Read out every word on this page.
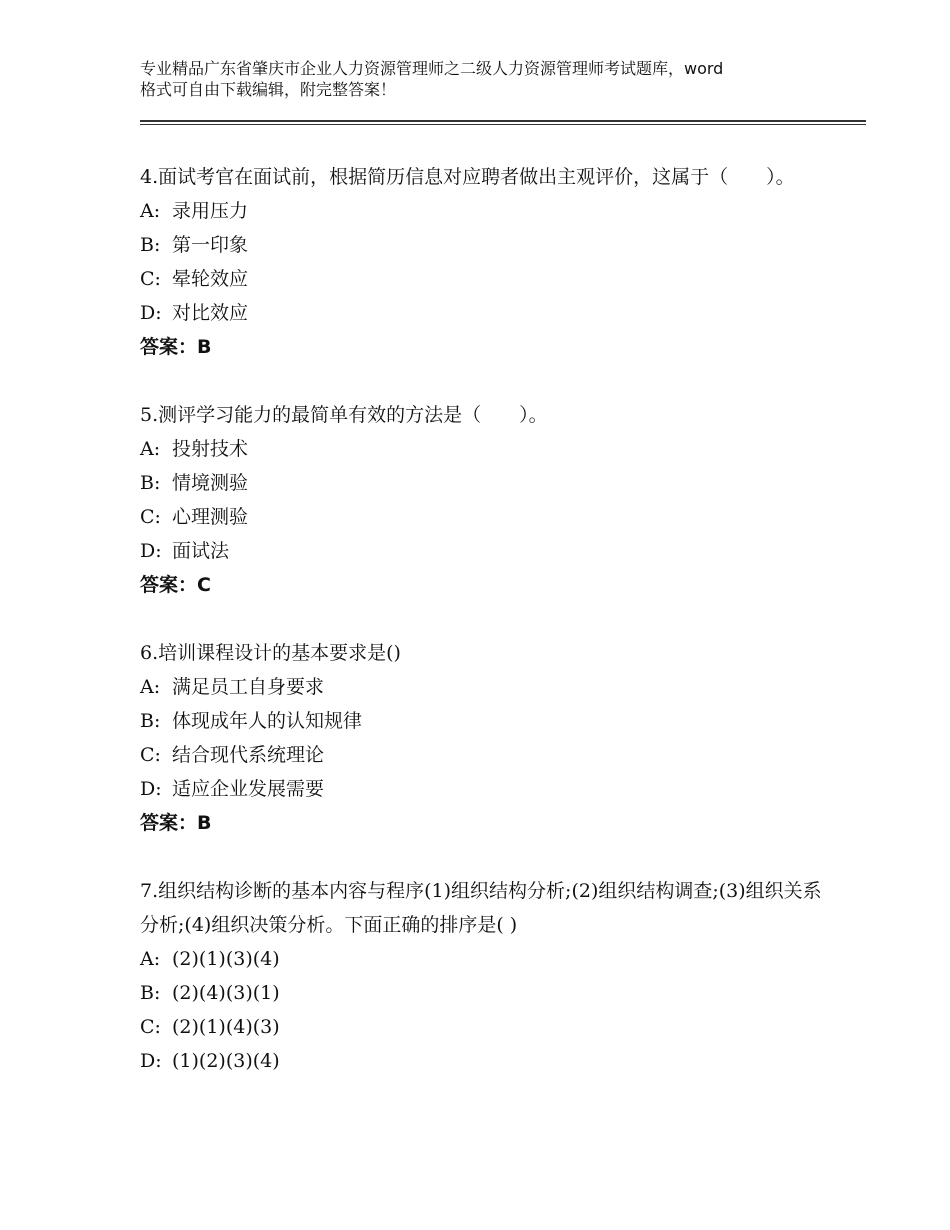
专业精品广东省肇庆市企业人力资源管理师之二级人力资源管理师考试题库，word
格式可自由下载编辑，附完整答案！
4.面试考官在面试前，根据简历信息对应聘者做出主观评价，这属于（　　）。
A: 录用压力
B: 第一印象
C: 晕轮效应
D: 对比效应
答案：B
5.测评学习能力的最简单有效的方法是（　　）。
A: 投射技术
B: 情境测验
C: 心理测验
D: 面试法
答案：C
6.培训课程设计的基本要求是()
A: 满足员工自身要求
B: 体现成年人的认知规律
C: 结合现代系统理论
D: 适应企业发展需要
答案：B
7.组织结构诊断的基本内容与程序(1)组织结构分析;(2)组织结构调查;(3)组织关系分析;(4)组织决策分析。下面正确的排序是( )
A: (2)(1)(3)(4)
B: (2)(4)(3)(1)
C: (2)(1)(4)(3)
D: (1)(2)(3)(4)
